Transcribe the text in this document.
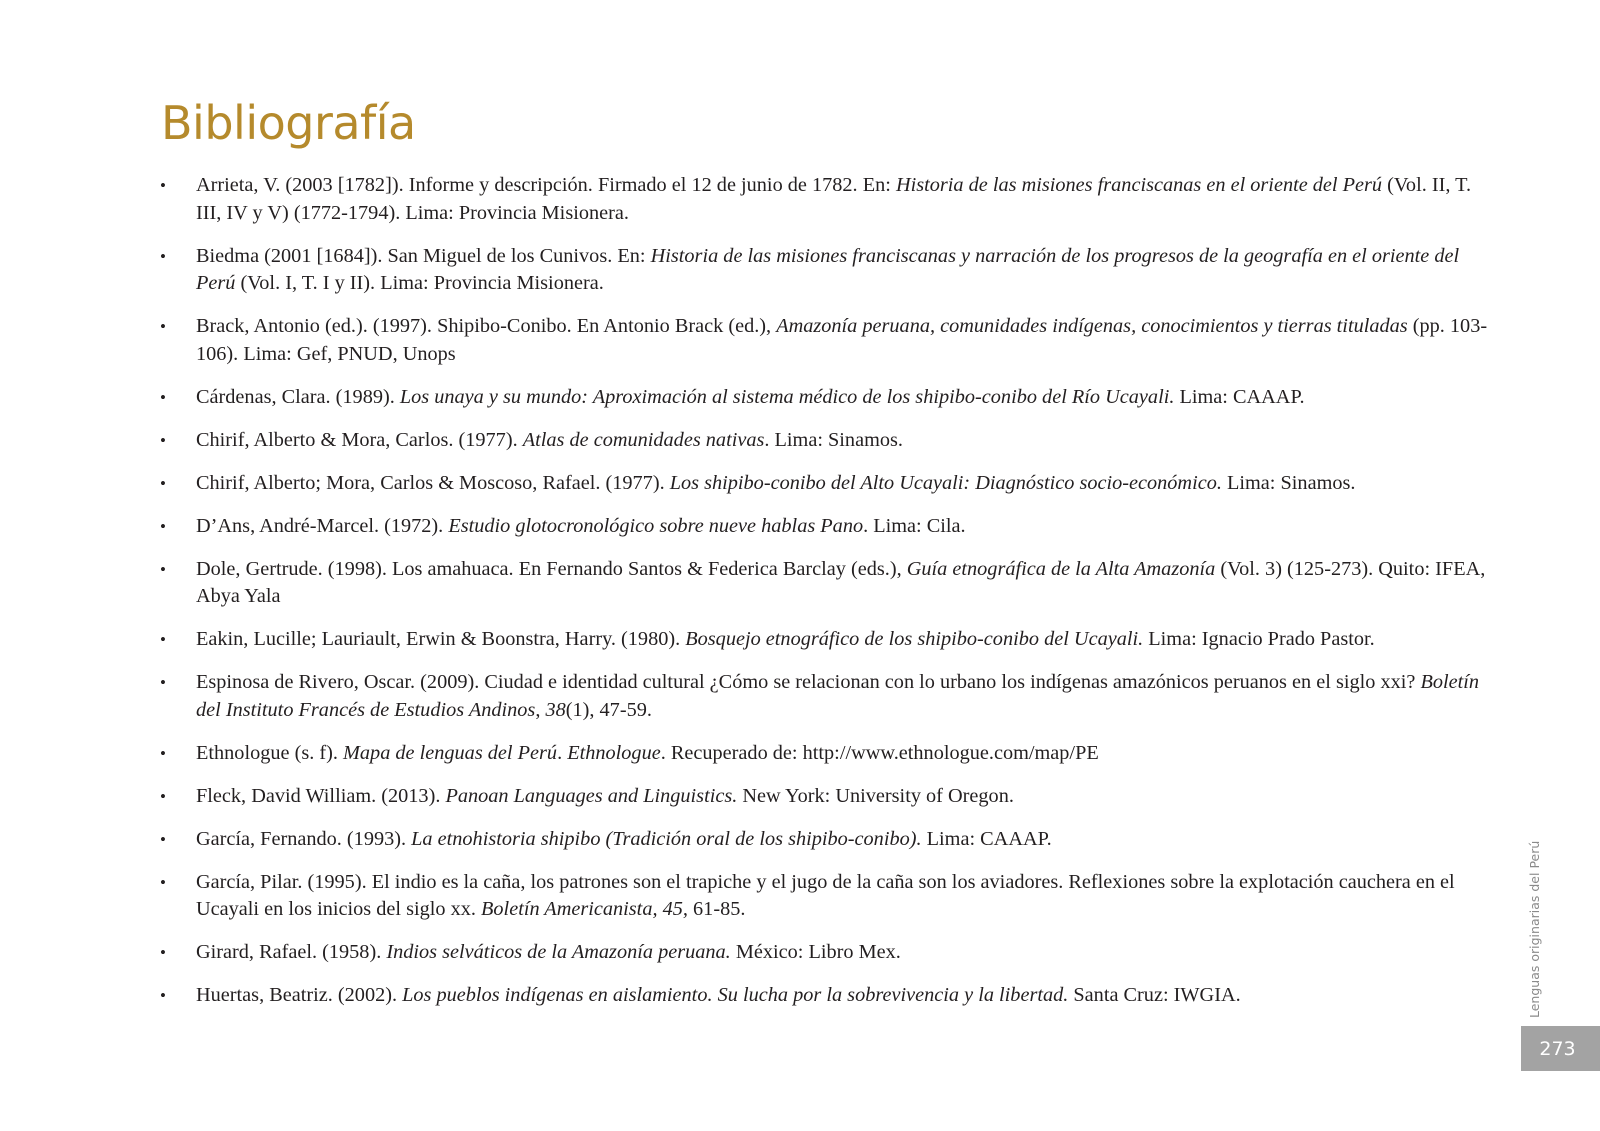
Bibliografía
• Arrieta, V. (2003 [1782]). Informe y descripción. Firmado el 12 de junio de 1782. En: Historia de las misiones franciscanas en el oriente del Perú (Vol. II, T. III, IV y V) (1772-1794). Lima: Provincia Misionera.
• Biedma (2001 [1684]). San Miguel de los Cunivos. En: Historia de las misiones franciscanas y narración de los progresos de la geografía en el oriente del Perú (Vol. I, T. I y II). Lima: Provincia Misionera.
• Brack, Antonio (ed.). (1997). Shipibo-Conibo. En Antonio Brack (ed.), Amazonía peruana, comunidades indígenas, conocimientos y tierras tituladas (pp. 103-106). Lima: Gef, PNUD, Unops
• Cárdenas, Clara. (1989). Los unaya y su mundo: Aproximación al sistema médico de los shipibo-conibo del Río Ucayali. Lima: CAAAP.
• Chirif, Alberto & Mora, Carlos. (1977). Atlas de comunidades nativas. Lima: Sinamos.
• Chirif, Alberto; Mora, Carlos & Moscoso, Rafael. (1977). Los shipibo-conibo del Alto Ucayali: Diagnóstico socio-económico. Lima: Sinamos.
• D’Ans, André-Marcel. (1972). Estudio glotocronológico sobre nueve hablas Pano. Lima: Cila.
• Dole, Gertrude. (1998). Los amahuaca. En Fernando Santos & Federica Barclay (eds.), Guía etnográfica de la Alta Amazonía (Vol. 3) (125-273). Quito: IFEA, Abya Yala
• Eakin, Lucille; Lauriault, Erwin & Boonstra, Harry. (1980). Bosquejo etnográfico de los shipibo-conibo del Ucayali. Lima: Ignacio Prado Pastor.
• Espinosa de Rivero, Oscar. (2009). Ciudad e identidad cultural ¿Cómo se relacionan con lo urbano los indígenas amazónicos peruanos en el siglo xxi? Boletín del Instituto Francés de Estudios Andinos, 38(1), 47-59.
• Ethnologue (s. f). Mapa de lenguas del Perú. Ethnologue. Recuperado de: http://www.ethnologue.com/map/PE
• Fleck, David William. (2013). Panoan Languages and Linguistics. New York: University of Oregon.
• García, Fernando. (1993). La etnohistoria shipibo (Tradición oral de los shipibo-conibo). Lima: CAAAP.
• García, Pilar. (1995). El indio es la caña, los patrones son el trapiche y el jugo de la caña son los aviadores. Reflexiones sobre la explotación cauchera en el Ucayali en los inicios del siglo xx. Boletín Americanista, 45, 61-85.
• Girard, Rafael. (1958). Indios selváticos de la Amazonía peruana. México: Libro Mex.
• Huertas, Beatriz. (2002). Los pueblos indígenas en aislamiento. Su lucha por la sobrevivencia y la libertad. Santa Cruz: IWGIA.	Lenguas originarias del Perú
273
